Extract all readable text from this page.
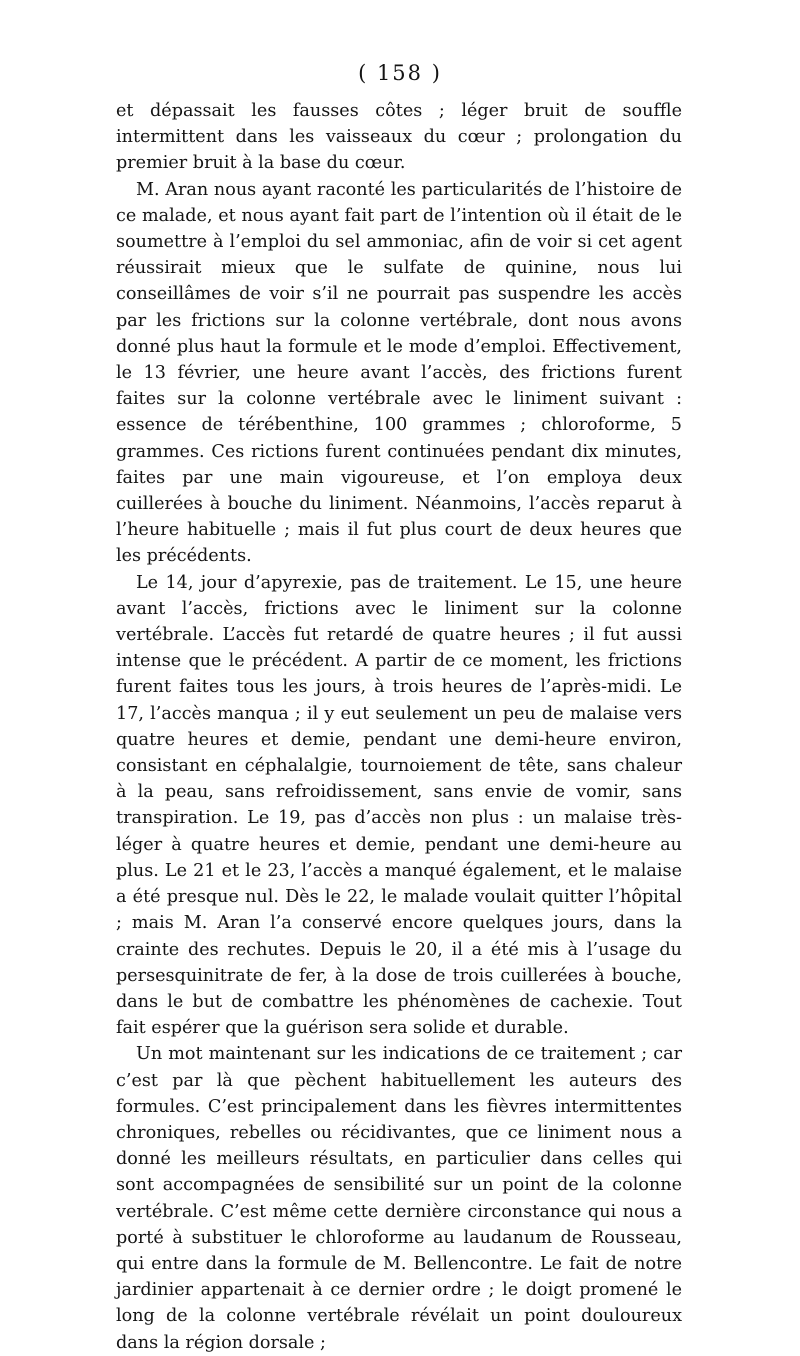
( 158 )

et dépassait les fausses côtes ; léger bruit de souffle intermittent dans les vaisseaux du cœur ; prolongation du premier bruit à la base du cœur.

M. Aran nous ayant raconté les particularités de l’histoire de ce malade, et nous ayant fait part de l’intention où il était de le soumettre à l’emploi du sel ammoniac, afin de voir si cet agent réussirait mieux que le sulfate de quinine, nous lui conseillâmes de voir s’il ne pourrait pas suspendre les accès par les frictions sur la colonne vertébrale, dont nous avons donné plus haut la formule et le mode d’emploi. Effectivement, le 13 février, une heure avant l’accès, des frictions furent faites sur la colonne vertébrale avec le liniment suivant : essence de térébenthine, 100 grammes ; chloroforme, 5 grammes. Ces rictions furent continuées pendant dix minutes, faites par une main vigoureuse, et l’on employa deux cuillerées à bouche du liniment. Néanmoins, l’accès reparut à l’heure habituelle ; mais il fut plus court de deux heures que les précédents.

Le 14, jour d’apyrexie, pas de traitement. Le 15, une heure avant l’accès, frictions avec le liniment sur la colonne vertébrale. L’accès fut retardé de quatre heures ; il fut aussi intense que le précédent. A partir de ce moment, les frictions furent faites tous les jours, à trois heures de l’après-midi. Le 17, l’accès manqua ; il y eut seulement un peu de malaise vers quatre heures et demie, pendant une demi-heure environ, consistant en céphalalgie, tournoiement de tête, sans chaleur à la peau, sans refroidissement, sans envie de vomir, sans transpiration. Le 19, pas d’accès non plus : un malaise très-léger à quatre heures et demie, pendant une demi-heure au plus. Le 21 et le 23, l’accès a manqué également, et le malaise a été presque nul. Dès le 22, le malade voulait quitter l’hôpital ; mais M. Aran l’a conservé encore quelques jours, dans la crainte des rechutes. Depuis le 20, il a été mis à l’usage du persesquinitrate de fer, à la dose de trois cuillerées à bouche, dans le but de combattre les phénomènes de cachexie. Tout fait espérer que la guérison sera solide et durable.

Un mot maintenant sur les indications de ce traitement ; car c’est par là que pèchent habituellement les auteurs des formules. C’est principalement dans les fièvres intermittentes chroniques, rebelles ou récidivantes, que ce liniment nous a donné les meilleurs résultats, en particulier dans celles qui sont accompagnées de sensibilité sur un point de la colonne vertébrale. C’est même cette dernière circonstance qui nous a porté à substituer le chloroforme au laudanum de Rousseau, qui entre dans la formule de M. Bellencontre. Le fait de notre jardinier appartenait à ce dernier ordre ; le doigt promené le long de la colonne vertébrale révélait un point douloureux dans la région dorsale ;
